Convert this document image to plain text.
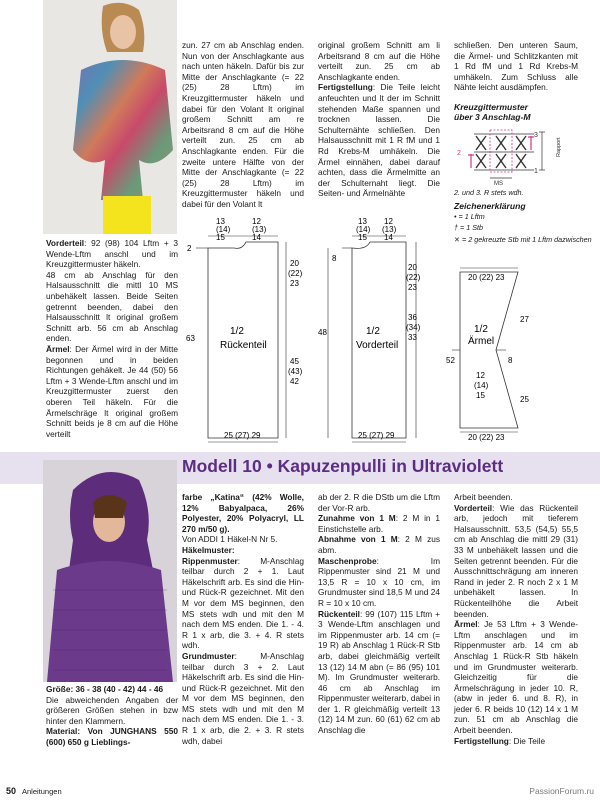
Vorderteil: 92 (98) 104 Lftm + 3 Wende-Lftm anschl und im Kreuzgittermuster häkeln.

48 cm ab Anschlag für den Halsausschnitt die mittl 10 MS unbehäkelt lassen. Beide Seiten getrennt beenden, dabei den Halsausschnitt lt original großem Schnitt arb. 56 cm ab Anschlag enden.

Ärmel: Der Ärmel wird in der Mitte begonnen und in beiden Richtungen gehäkelt. Je 44 (50) 56 Lftm + 3 Wende-Lftm anschl und im Kreuzgittermuster zuerst den oberen Teil häkeln. Für die Ärmelschräge lt original großem Schnitt beids je 8 cm auf die Höhe verteilt

zun. 27 cm ab Anschlag enden. Nun von der Anschlagkante aus nach unten häkeln. Dafür bis zur Mitte der Anschlagkante (= 22 (25) 28 Lftm) im Kreuzgittermuster häkeln und dabei für den Volant lt original großem Schnitt am re Arbeitsrand 8 cm auf die Höhe verteilt zun. 25 cm ab Anschlagkante enden. Für die zweite untere Hälfte von der Mitte der Anschlagkante (= 22 (25) 28 Lftm) im Kreuzgittermuster häkeln und dabei für den Volant lt

original großem Schnitt am li Arbeitsrand 8 cm auf die Höhe verteilt zun. 25 cm ab Anschlagkante enden.

Fertigstellung: Die Teile leicht anfeuchten und lt der im Schnitt stehenden Maße spannen und trocknen lassen. Die Schulternähte schließen. Den Halsausschnitt mit 1 R fM und 1 Rd Krebs-M umhäkeln. Die Ärmel einnähen, dabei darauf achten, dass die Ärmelmitte an der Schulternaht liegt. Die Seiten- und Ärmelnähte

schließen. Den unteren Saum, die Ärmel- und Schlitzkanten mit 1 Rd fM und 1 Rd Krebs-M umhäkeln. Zum Schluss alle Nähte leicht ausdämpfen.

Kreuzgittermuster
über 3 Anschlag-M
3
2
1
MS
Rapport
2. und 3. R stets wdh.
Zeichenerklärung
• = 1 Lftm
† = 1 Stb
✕ = 2 gekreuzte Stb mit 1 Lftm dazwischen
13
(14)
15
12
(13)
14
2
20
(22)
23
45
(43)
42
63
1/2
Rückenteil
25 (27) 29
13
(14)
15
12
(13)
14
8
20
(22)
23
36
(34)
33
48	1/2
Vorderteil
25 (27) 29
20 (22) 23
27
25
8
52
1/2
Ärmel
12
(14)
15
20 (22) 23
Modell 10 • Kapuzenpulli in Ultraviolett

Größe: 36 - 38 (40 - 42) 44 - 46

Die abweichenden Angaben der größeren Größen stehen in bzw hinter den Klammern.

Material: Von JUNGHANS 550 (600) 650 g Lieblings-

farbe „Katina“ (42% Wolle, 12% Babyalpaca, 26% Polyester, 20% Polyacryl, LL 270 m/50 g).

Von ADDI 1 Häkel-N Nr 5.

Häkelmuster:

Rippenmuster: M-Anschlag teilbar durch 2 + 1. Laut Häkelschrift arb. Es sind die Hin- und Rück-R gezeichnet. Mit den M vor dem MS beginnen, den MS stets wdh und mit den M nach dem MS enden. Die 1. - 4. R 1 x arb, die 3. + 4. R stets wdh.

Grundmuster: M-Anschlag teilbar durch 3 + 2. Laut Häkelschrift arb. Es sind die Hin- und Rück-R gezeichnet. Mit den M vor dem MS beginnen, den MS stets wdh und mit den M nach dem MS enden. Die 1. - 3. R 1 x arb, die 2. + 3. R stets wdh, dabei

ab der 2. R die DStb um die Lftm der Vor-R arb.

Zunahme von 1 M: 2 M in 1 Einstichstelle arb.

Abnahme von 1 M: 2 M zus abm.

Maschenprobe: Im Rippenmuster sind 21 M und 13,5 R = 10 x 10 cm, im Grundmuster sind 18,5 M und 24 R = 10 x 10 cm.

Rückenteil: 99 (107) 115 Lftm + 3 Wende-Lftm anschlagen und im Rippenmuster arb. 14 cm (= 19 R) ab Anschlag 1 Rück-R Stb arb, dabei gleichmäßig verteilt 13 (12) 14 M abn (= 86 (95) 101 M). Im Grundmuster weiterarb. 46 cm ab Anschlag im Rippenmuster weiterarb, dabei in der 1. R gleichmäßig verteilt 13 (12) 14 M zun. 60 (61) 62 cm ab Anschlag die

Arbeit beenden.

Vorderteil: Wie das Rückenteil arb, jedoch mit tieferem Halsausschnitt. 53,5 (54,5) 55,5 cm ab Anschlag die mittl 29 (31) 33 M unbehäkelt lassen und die Seiten getrennt beenden. Für die Ausschnittschrägung am inneren Rand in jeder 2. R noch 2 x 1 M unbehäkelt lassen. In Rückenteilhöhe die Arbeit beenden.

Ärmel: Je 53 Lftm + 3 Wende-Lftm anschlagen und im Rippenmuster arb. 14 cm ab Anschlag 1 Rück-R Stb häkeln und im Grundmuster weiterarb. Gleichzeitig für die Ärmelschrägung in jeder 10. R, (abw in jeder 6. und 8. R), in jeder 6. R beids 10 (12) 14 x 1 M zun. 51 cm ab Anschlag die Arbeit beenden.

Fertigstellung: Die Teile

50 Anleitungen	PassionForum.ru
